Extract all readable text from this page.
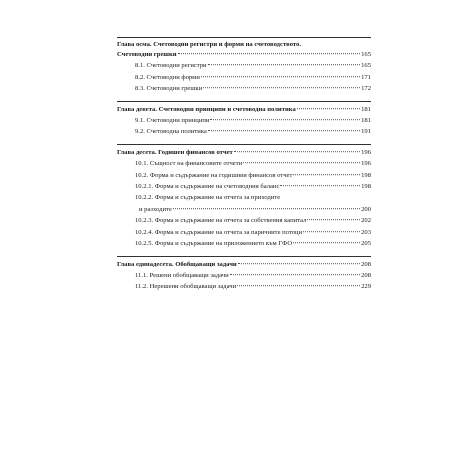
Глава осма. Счетоводни регистри и форми на счетоводството.
Счетоводни грешки	165
8.1. Счетоводни регистри	165
8.2. Счетоводни форми	171
8.3. Счетоводни грешки	172
Глава девета. Счетоводни принципи и счетоводна политика	181
9.1. Счетоводни принципи	181
9.2. Счетоводна политика	191
Глава десета. Годишен финансов отчет	196
10.1. Същност на финансовите отчети	196
10.2. Форма и съдържание на годишния финансов отчет	198
10.2.1. Форма и съдържание на счетоводния баланс	198
10.2.2. Форма и съдържание на отчета за приходите
и разходите	200
10.2.3. Форма и съдържание на отчета за собствения капитал	202
10.2.4. Форма и съдържание на отчета за паричните потоци	203
10.2.5. Форма и съдържание на приложението към ГФО	205
Глава единадесета. Обобщаващи задачи	208
11.1. Решени обобщаващи задачи	208
11.2. Нерешени обобщаващи задачи	229
